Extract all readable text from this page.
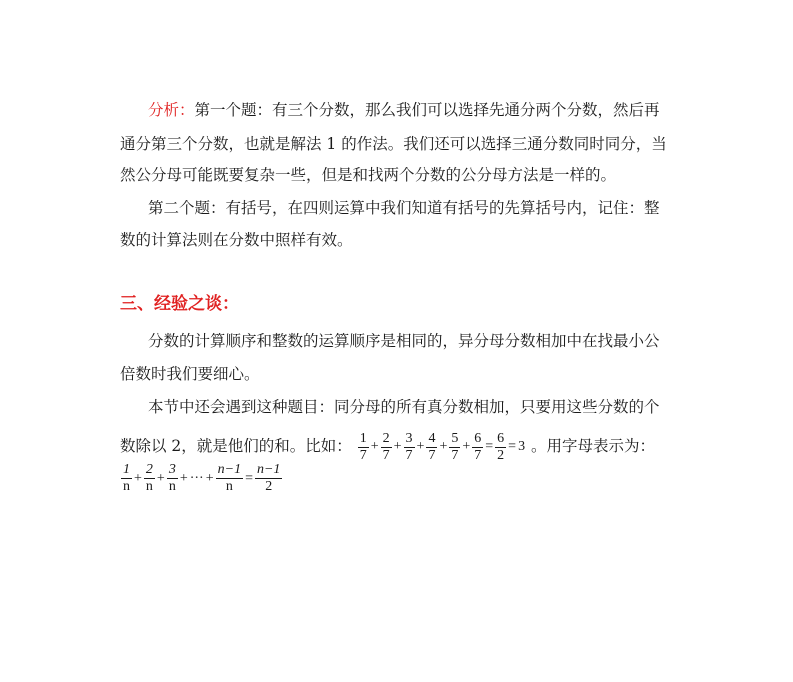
分析：第一个题：有三个分数，那么我们可以选择先通分两个分数，然后再
通分第三个分数，也就是解法 1 的作法。我们还可以选择三通分数同时同分，当
然公分母可能既要复杂一些，但是和找两个分数的公分母方法是一样的。
第二个题：有括号，在四则运算中我们知道有括号的先算括号内，记住：整
数的计算法则在分数中照样有效。
三、经验之谈：
分数的计算顺序和整数的运算顺序是相同的，异分母分数相加中在找最小公
倍数时我们要细心。
本节中还会遇到这种题目：同分母的所有真分数相加，只要用这些分数的个
数除以 2，就是他们的和。比如： $\frac{1}{7} + \frac{2}{7} + \frac{3}{7} + \frac{4}{7} + \frac{5}{7} + \frac{6}{7} = \frac{6}{2} = 3$ 。用字母表示为：
$\frac{1}{n} + \frac{2}{n} + \frac{3}{n}$ + ··· + $\frac{n-1}{n} = \frac{n-1}{2}$
